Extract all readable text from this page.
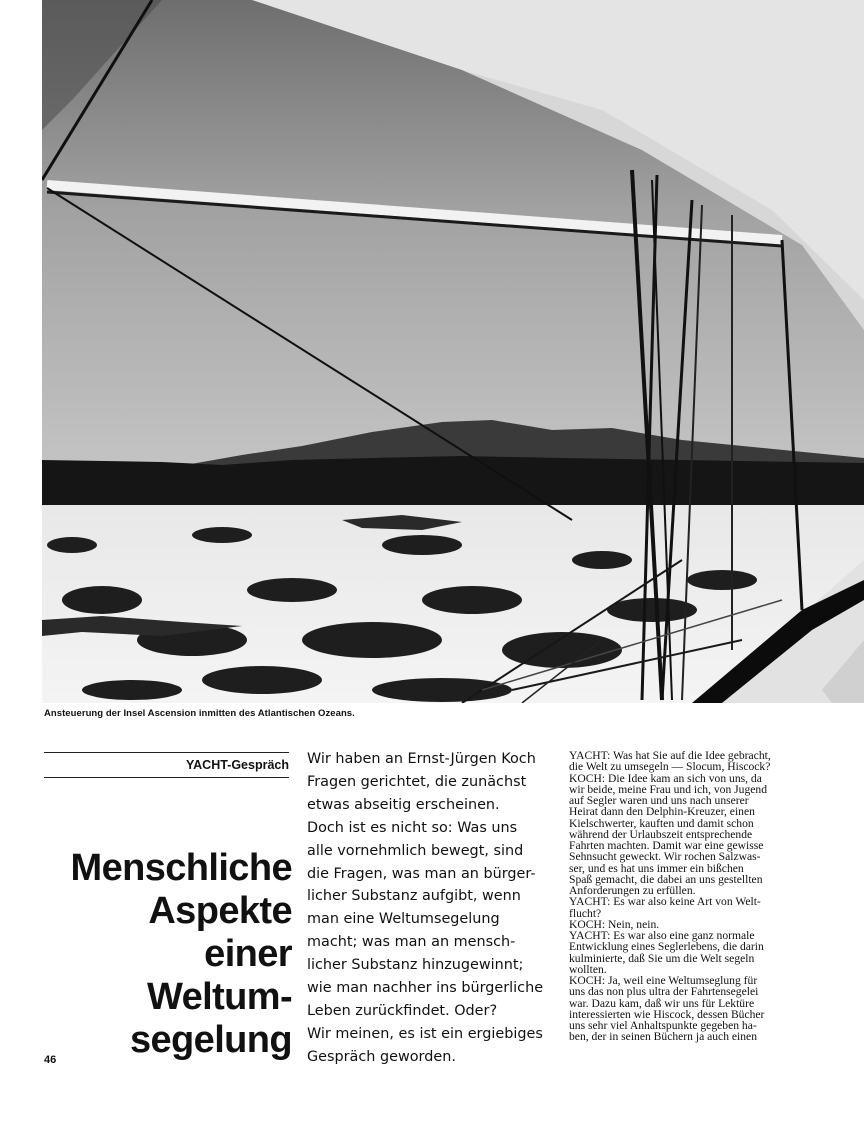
Ansteuerung der Insel Ascension inmitten des Atlantischen Ozeans.
YACHT-Gespräch
Menschliche
Aspekte
einer
Weltum-
segelung
Wir haben an Ernst-Jürgen Koch
Fragen gerichtet, die zunächst
etwas abseitig erscheinen.
Doch ist es nicht so: Was uns
alle vornehmlich bewegt, sind
die Fragen, was man an bürger-
licher Substanz aufgibt, wenn
man eine Weltumsegelung
macht; was man an mensch-
licher Substanz hinzugewinnt;
wie man nachher ins bürgerliche
Leben zurückfindet. Oder?
Wir meinen, es ist ein ergiebiges
Gespräch geworden.
YACHT: Was hat Sie auf die Idee gebracht,
die Welt zu umsegeln — Slocum, Hiscock?
KOCH: Die Idee kam an sich von uns, da
wir beide, meine Frau und ich, von Jugend
auf Segler waren und uns nach unserer
Heirat dann den Delphin-Kreuzer, einen
Kielschwerter, kauften und damit schon
während der Urlaubszeit entsprechende
Fahrten machten. Damit war eine gewisse
Sehnsucht geweckt. Wir rochen Salzwas-
ser, und es hat uns immer ein bißchen
Spaß gemacht, die dabei an uns gestellten
Anforderungen zu erfüllen.
YACHT: Es war also keine Art von Welt-
flucht?
KOCH: Nein, nein.
YACHT: Es war also eine ganz normale
Entwicklung eines Seglerlebens, die darin
kulminierte, daß Sie um die Welt segeln
wollten.
KOCH: Ja, weil eine Weltumseglung für
uns das non plus ultra der Fahrtensegelei
war. Dazu kam, daß wir uns für Lektüre
interessierten wie Hiscock, dessen Bücher
uns sehr viel Anhaltspunkte gegeben ha-
ben, der in seinen Büchern ja auch einen
46
